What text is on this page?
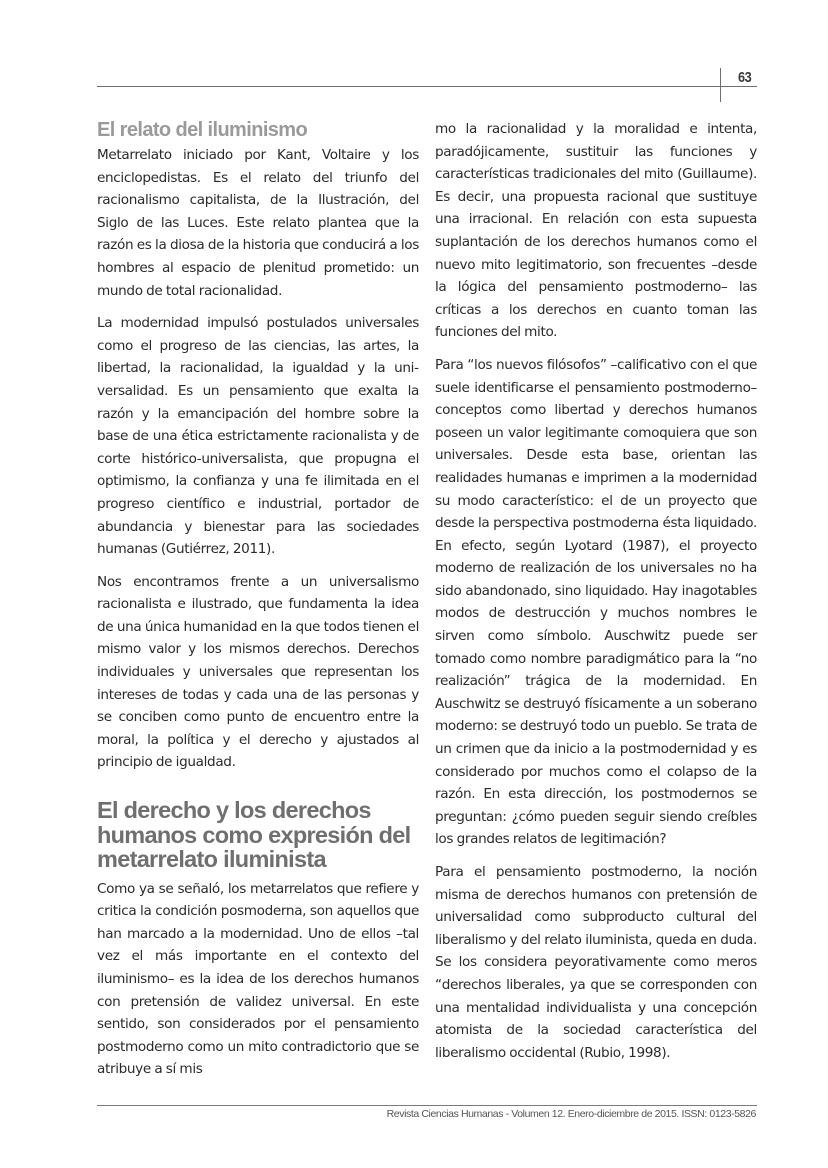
63
El relato del iluminismo

Metarrelato iniciado por Kant, Voltaire y los enciclopedistas. Es el relato del triunfo del racionalismo capitalista, de la Ilustración, del Siglo de las Luces. Este relato plantea que la razón es la diosa de la historia que conducirá a los hombres al espacio de plenitud prometido: un mundo de total racionalidad.

La modernidad impulsó postulados universales como el progreso de las ciencias, las artes, la libertad, la racionalidad, la igualdad y la universalidad. Es un pensamiento que exalta la razón y la emancipación del hombre sobre la base de una ética estrictamente racionalista y de corte histórico-universalista, que propugna el optimismo, la confianza y una fe ilimitada en el progreso científico e industrial, portador de abundancia y bienestar para las sociedades humanas (Gutiérrez, 2011).

Nos encontramos frente a un universalismo racionalista e ilustrado, que fundamenta la idea de una única humanidad en la que todos tienen el mismo valor y los mismos derechos. Derechos individuales y universales que representan los intereses de todas y cada una de las personas y se conciben como punto de encuentro entre la moral, la política y el derecho y ajustados al principio de igualdad.

El derecho y los derechos humanos como expresión del metarrelato iluminista

Como ya se señaló, los metarrelatos que refiere y critica la condición posmoderna, son aquellos que han marcado a la modernidad. Uno de ellos –tal vez el más importante en el contexto del iluminismo– es la idea de los derechos humanos con pretensión de validez universal. En este sentido, son considerados por el pensamiento postmoderno como un mito contradictorio que se atribuye a sí mis

mo la racionalidad y la moralidad e intenta, paradójicamente, sustituir las funciones y características tradicionales del mito (Guillaume). Es decir, una propuesta racional que sustituye una irracional. En relación con esta supuesta suplantación de los derechos humanos como el nuevo mito legitimatorio, son frecuentes –desde la lógica del pensamiento postmoderno– las críticas a los derechos en cuanto toman las funciones del mito.

Para “los nuevos filósofos” –calificativo con el que suele identificarse el pensamiento postmoderno– conceptos como libertad y derechos humanos poseen un valor legitimante comoquiera que son universales. Desde esta base, orientan las realidades humanas e imprimen a la modernidad su modo característico: el de un proyecto que desde la perspectiva postmoderna ésta liquidado. En efecto, según Lyotard (1987), el proyecto moderno de realización de los universales no ha sido abandonado, sino liquidado. Hay inagotables modos de destrucción y muchos nombres le sirven como símbolo. Auschwitz puede ser tomado como nombre paradigmático para la “no realización” trágica de la modernidad. En Auschwitz se destruyó físicamente a un soberano moderno: se destruyó todo un pueblo. Se trata de un crimen que da inicio a la postmodernidad y es considerado por muchos como el colapso de la razón. En esta dirección, los postmodernos se preguntan: ¿cómo pueden seguir siendo creíbles los grandes relatos de legitimación?

Para el pensamiento postmoderno, la noción misma de derechos humanos con pretensión de universalidad como subproducto cultural del liberalismo y del relato iluminista, queda en duda. Se los considera peyorativamente como meros “derechos liberales, ya que se corresponden con una mentalidad individualista y una concepción atomista de la sociedad característica del liberalismo occidental (Rubio, 1998).

Revista Ciencias Humanas - Volumen 12. Enero-diciembre de 2015. ISSN: 0123-5826
